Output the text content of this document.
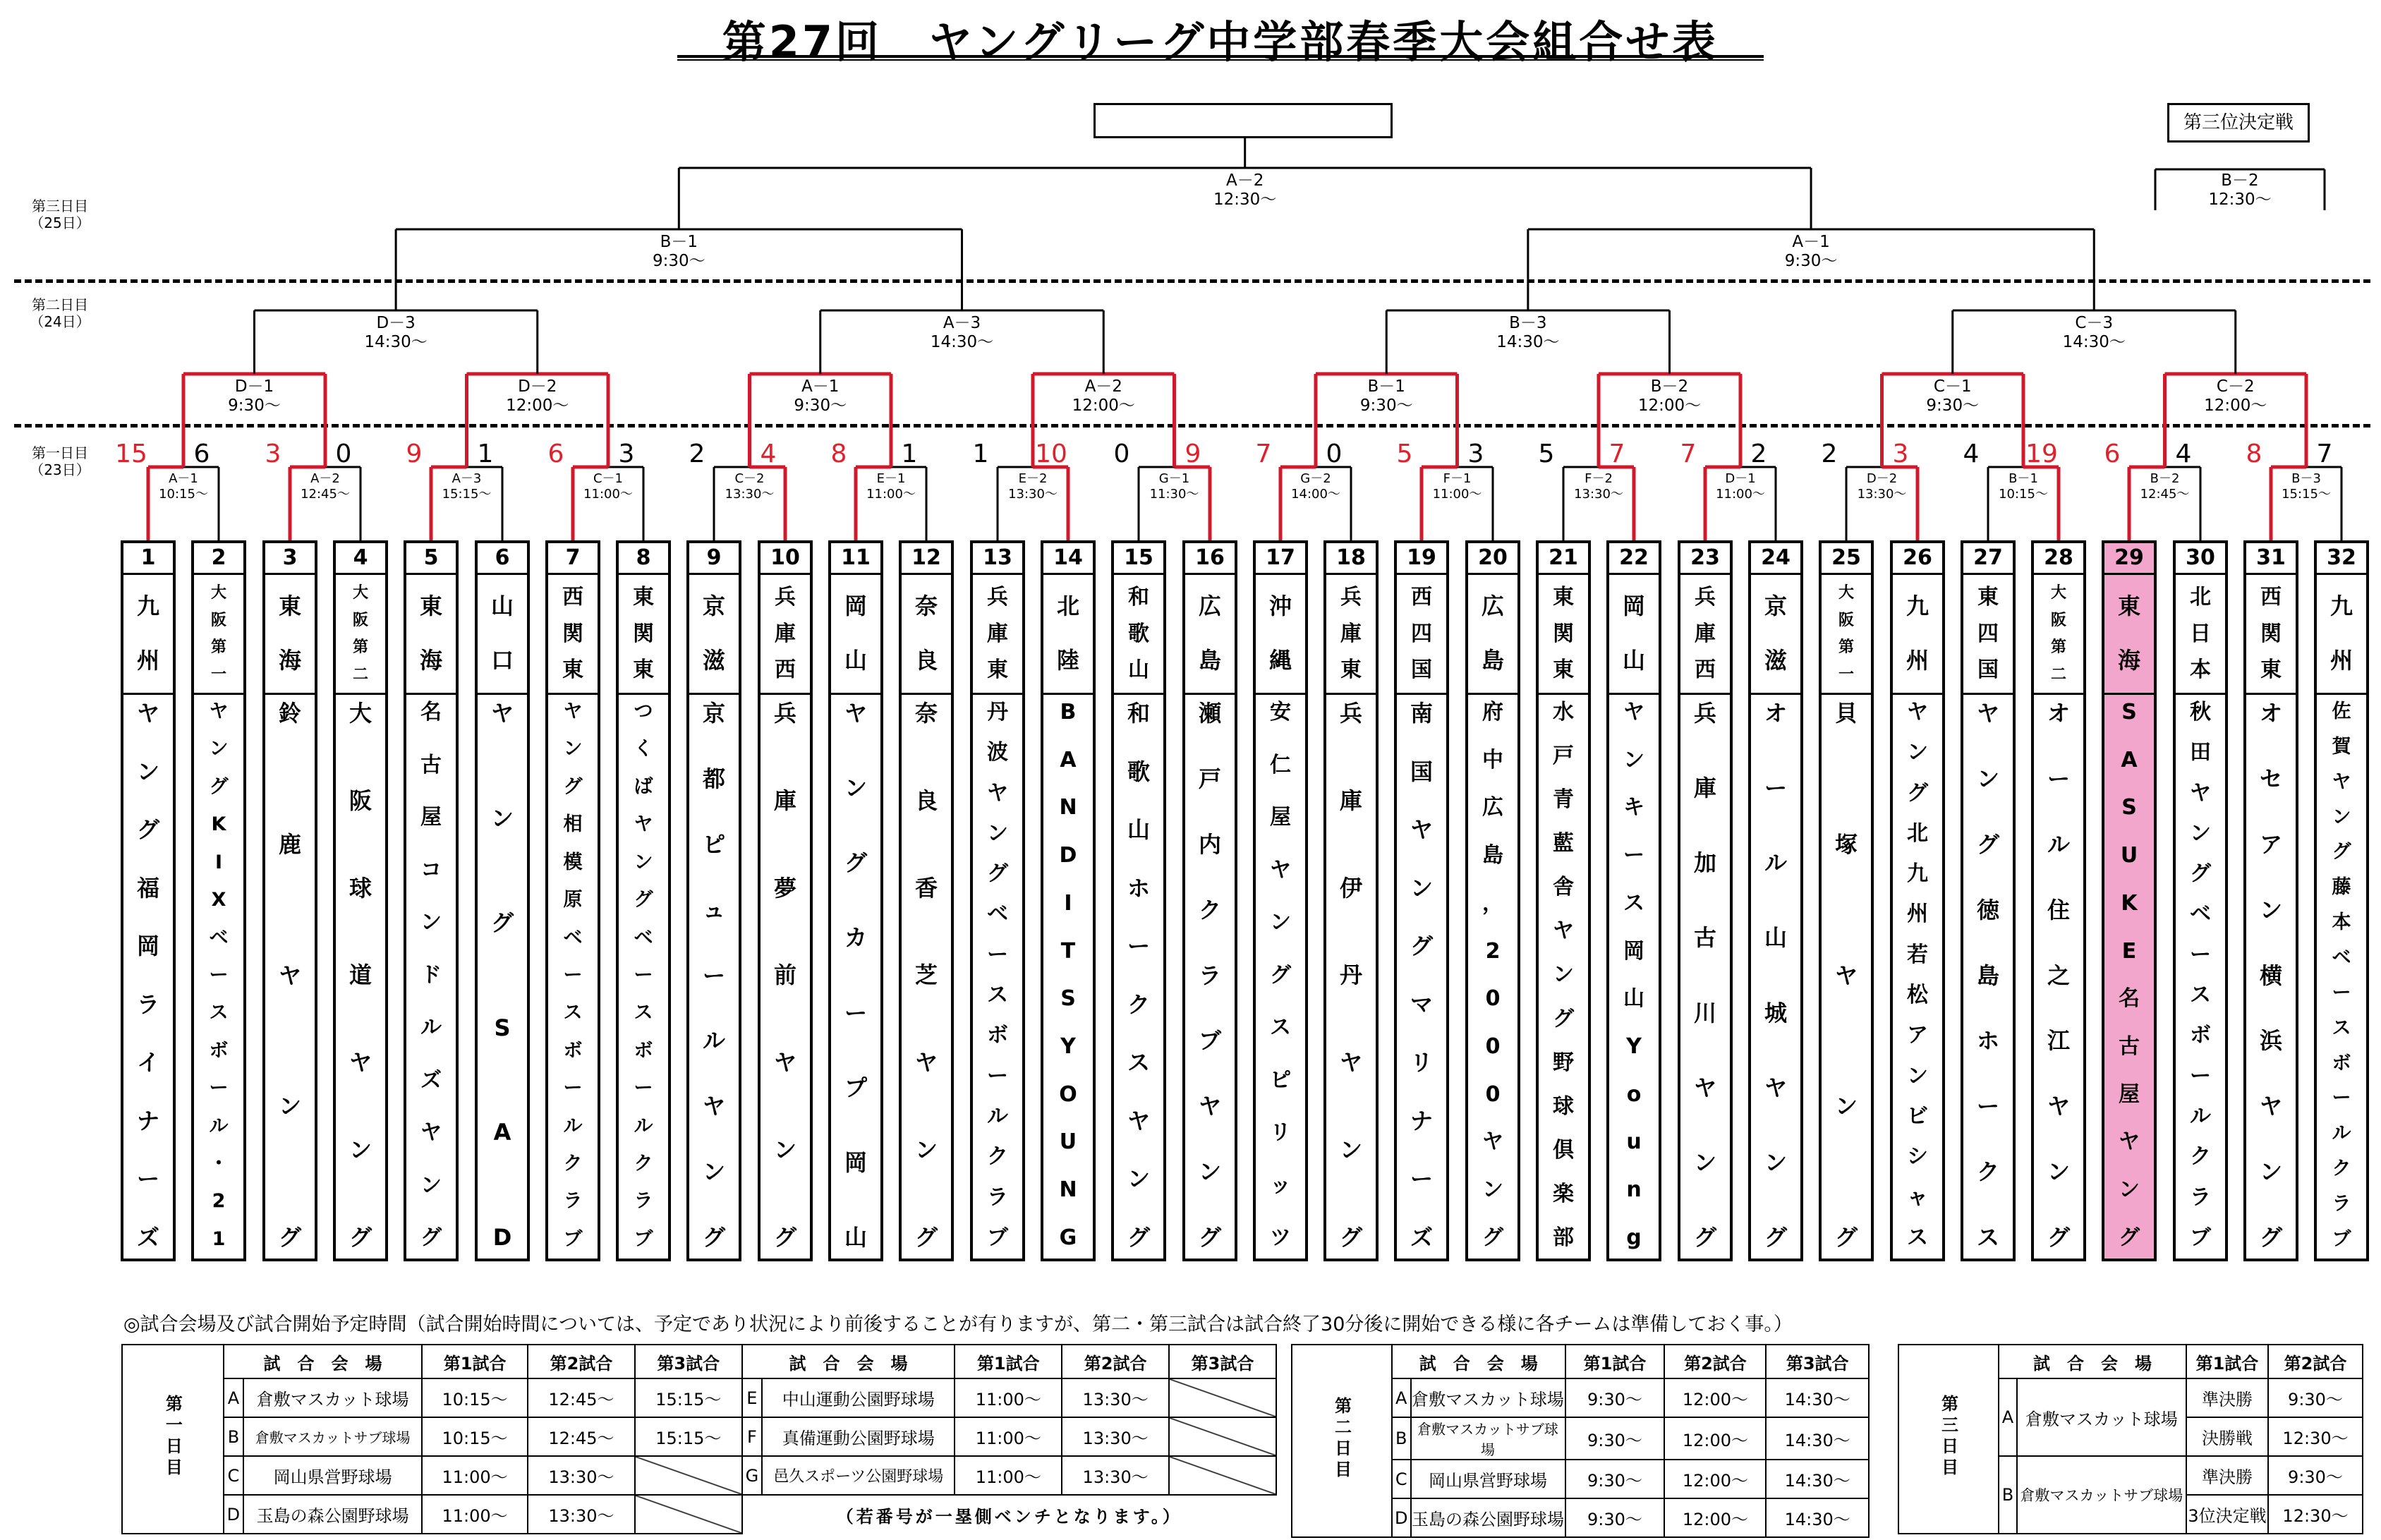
第27回　ヤングリーグ中学部春季大会組合せ表
第三日目
（25日）
第二日目
（24日）
第一日目
（23日）
第三位決定戦
A－1
10:15～
15	6
A－2
12:45～
3	0
A－3
15:15～
9	1
C－1
11:00～
6	3
C－2
13:30～
2	4
E－1
11:00～
8	1
E－2
13:30～
1	10
G－1
11:30～
0	9
G－2
14:00～
7	0
F－1
11:00～
5	3
F－2
13:30～
5	7
D－1
11:00～
7	2
D－2
13:30～
2	3
B－1
10:15～
4	19
B－2
12:45～
6	4
B－3
15:15～
8	7
D－1
9:30～
D－2
12:00～
A－1
9:30～
A－2
12:00～
B－1
9:30～
B－2
12:00～
C－1
9:30～
C－2
12:00～
D－3
14:30～
A－3
14:30～
B－3
14:30～
C－3
14:30～
B－1
9:30～
A－1
9:30～
A－2
12:30～
B－2
12:30～
1
九
州
ヤ
ン
グ
福
岡
ラ
イ
ナ
ー
ズ
2
大
阪
第
一
ヤ
ン
グ
K
I
X
ベ
ー
ス
ボ
ー
ル
・
2
1
3
東
海
鈴
鹿
ヤ
ン
グ
4
大
阪
第
二
大
阪
球
道
ヤ
ン
グ
5
東
海
名
古
屋
コ
ン
ド
ル
ズ
ヤ
ン
グ
6
山
口
ヤ
ン
グ
S
A
D
7
西
関
東
ヤ
ン
グ
相
模
原
ベ
ー
ス
ボ
ー
ル
ク
ラ
ブ
8
東
関
東
つ
く
ば
ヤ
ン
グ
ベ
ー
ス
ボ
ー
ル
ク
ラ
ブ
9
京
滋
京
都
ピ
ュ
ー
ル
ヤ
ン
グ
10
兵
庫
西
兵
庫
夢
前
ヤ
ン
グ
11
岡
山
ヤ
ン
グ
カ
ー
プ
岡
山
12
奈
良
奈
良
香
芝
ヤ
ン
グ
13
兵
庫
東
丹
波
ヤ
ン
グ
ベ
ー
ス
ボ
ー
ル
ク
ラ
ブ
14
北
陸
B
A
N
D
I
T
S
Y
O
U
N
G
15
和
歌
山
和
歌
山
ホ
ー
ク
ス
ヤ
ン
グ
16
広
島
瀬
戸
内
ク
ラ
ブ
ヤ
ン
グ
17
沖
縄
安
仁
屋
ヤ
ン
グ
ス
ピ
リ
ッ
ツ
18
兵
庫
東
兵
庫
伊
丹
ヤ
ン
グ
19
西
四
国
南
国
ヤ
ン
グ
マ
リ
ナ
ー
ズ
20
広
島
府
中
広
島
，
2
0
0
0
ヤ
ン
グ
21
東
関
東
水
戸
青
藍
舎
ヤ
ン
グ
野
球
倶
楽
部
22
岡
山
ヤ
ン
キ
ー
ス
岡
山
Y
o
u
n
g
23
兵
庫
西
兵
庫
加
古
川
ヤ
ン
グ
24
京
滋
オ
ー
ル
山
城
ヤ
ン
グ
25
大
阪
第
一
貝
塚
ヤ
ン
グ
26
九
州
ヤ
ン
グ
北
九
州
若
松
ア
ン
ビ
シ
ャ
ス
27
東
四
国
ヤ
ン
グ
徳
島
ホ
ー
ク
ス
28
大
阪
第
二
オ
ー
ル
住
之
江
ヤ
ン
グ
29
東
海
S
A
S
U
K
E
名
古
屋
ヤ
ン
グ
30
北
日
本
秋
田
ヤ
ン
グ
ベ
ー
ス
ボ
ー
ル
ク
ラ
ブ
31
西
関
東
オ
セ
ア
ン
横
浜
ヤ
ン
グ
32
九
州
佐
賀
ヤ
ン
グ
藤
本
ベ
ー
ス
ボ
ー
ル
ク
ラ
ブ
◎試合会場及び試合開始予定時間（試合開始時間については、予定であり状況により前後することが有りますが、第二・第三試合は試合終了30分後に開始できる様に各チームは準備しておく事。）
第一日目	試　合　会　場		第1試合	第2試合	第3試合	試　合　会　場		第1試合	第2試合	第3試合
	A	倉敷マスカット球場	10:15～	12:45～	15:15～	E	中山運動公園野球場	11:00～	13:30～	
	B	倉敷マスカットサブ球場	10:15～	12:45～	15:15～	F	真備運動公園野球場	11:00～	13:30～	
	C	岡山県営野球場	11:00～	13:30～		G	邑久スポーツ公園野球場	11:00～	13:30～	
	D	玉島の森公園野球場	11:00～	13:30～		（若番号が一塁側ベンチとなります。）				
第二日目	試　合　会　場		第1試合	第2試合	第3試合
	A	倉敷マスカット球場	9:30～	12:00～	14:30～
	B	倉敷マスカットサブ球場	9:30～	12:00～	14:30～
	C	岡山県営野球場	9:30～	12:00～	14:30～
	D	玉島の森公園野球場	9:30～	12:00～	14:30～
第三日目	試　合　会　場		第1試合	第2試合
	A	倉敷マスカット球場	準決勝	9:30～
			決勝戦	12:30～
	B	倉敷マスカットサブ球場	準決勝	9:30～
			3位決定戦	12:30～
